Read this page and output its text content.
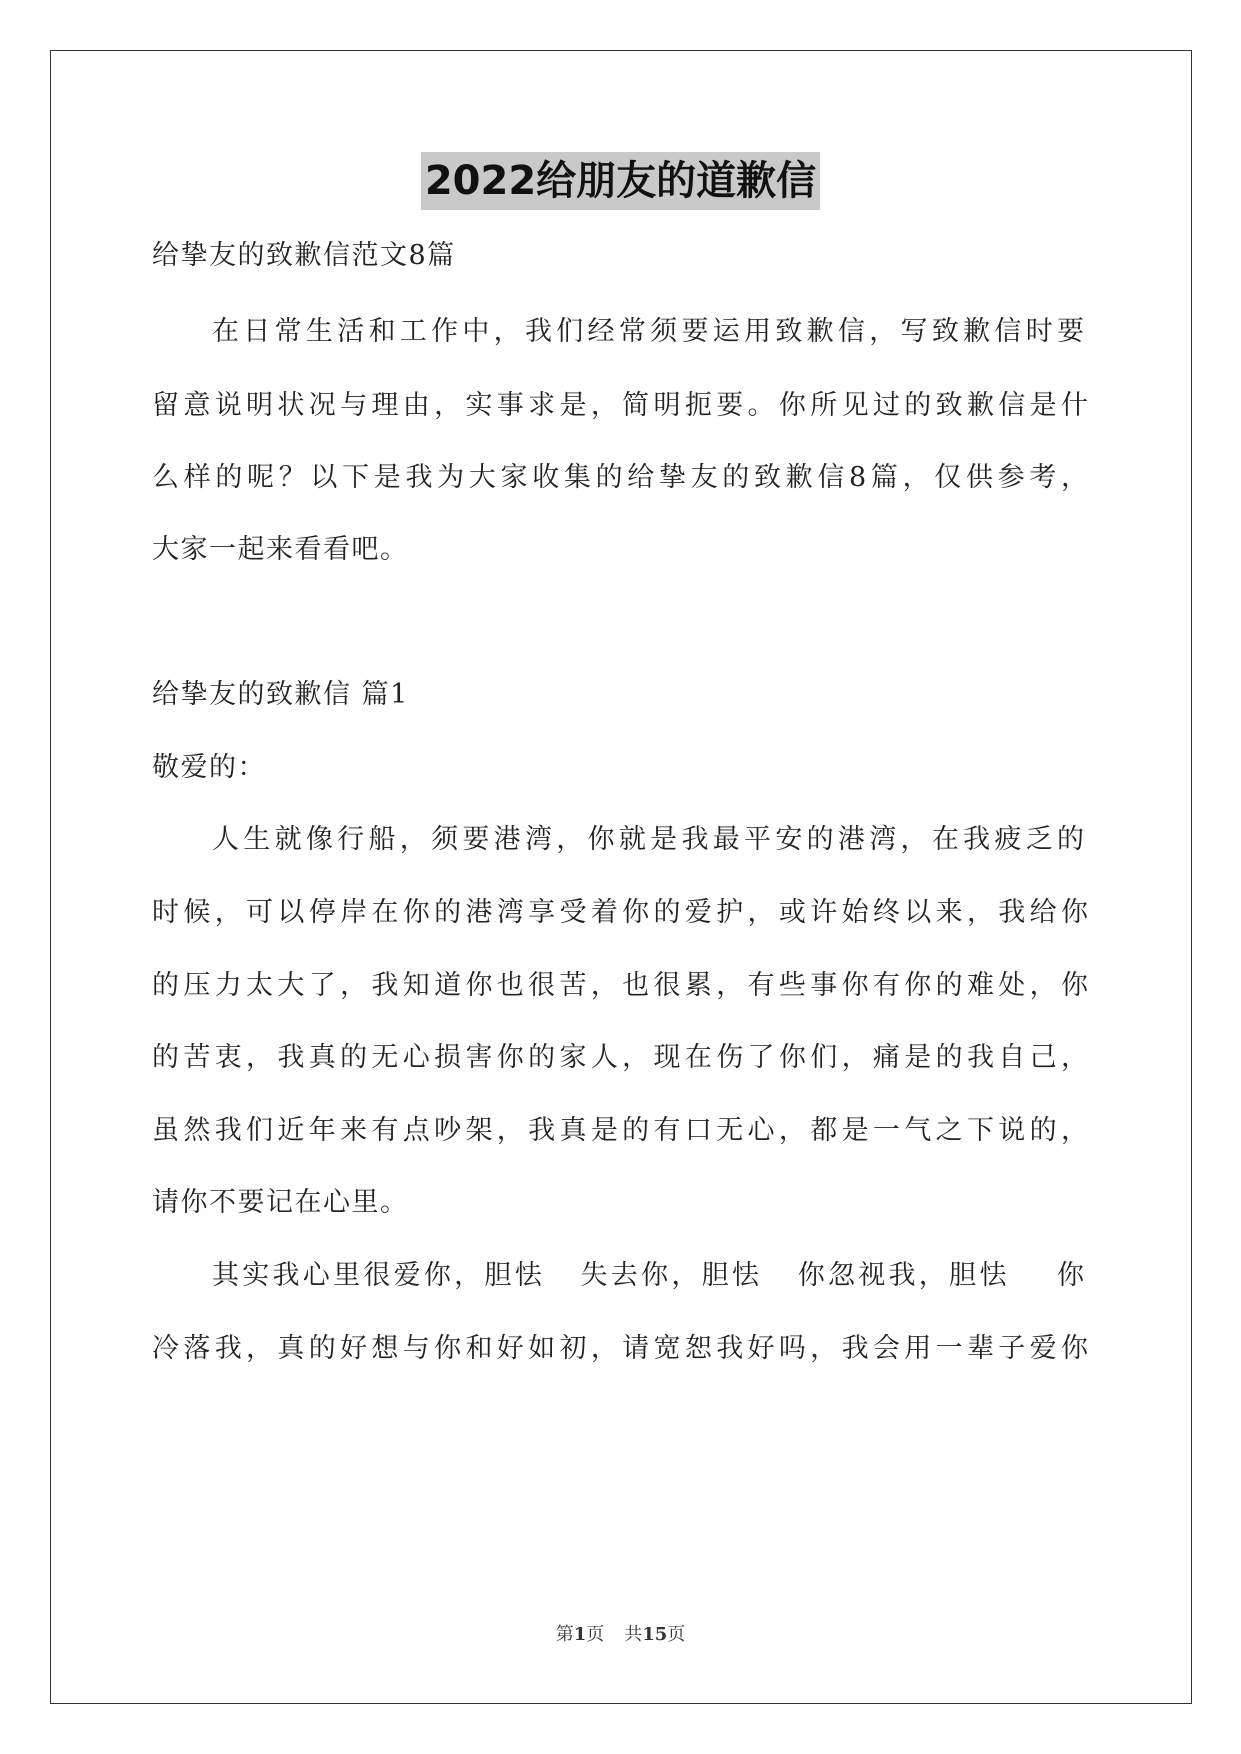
2022给朋友的道歉信
给挚友的致歉信范文8篇
在日常生活和工作中，我们经常须要运用致歉信，写致歉信时要
留意说明状况与理由，实事求是，简明扼要。你所见过的致歉信是什
么样的呢？以下是我为大家收集的给挚友的致歉信8篇，仅供参考，
大家一起来看看吧。
给挚友的致歉信 篇1
敬爱的：
人生就像行船，须要港湾，你就是我最平安的港湾，在我疲乏的
时候，可以停岸在你的港湾享受着你的爱护，或许始终以来，我给你
的压力太大了，我知道你也很苦，也很累，有些事你有你的难处，你
的苦衷，我真的无心损害你的家人，现在伤了你们，痛是的我自己，
虽然我们近年来有点吵架，我真是的有口无心，都是一气之下说的，
请你不要记在心里。
其实我心里很爱你，胆怯   失去你，胆怯   你忽视我，胆怯    你
冷落我，真的好想与你和好如初，请宽恕我好吗，我会用一辈子爱你
第1页 共15页
